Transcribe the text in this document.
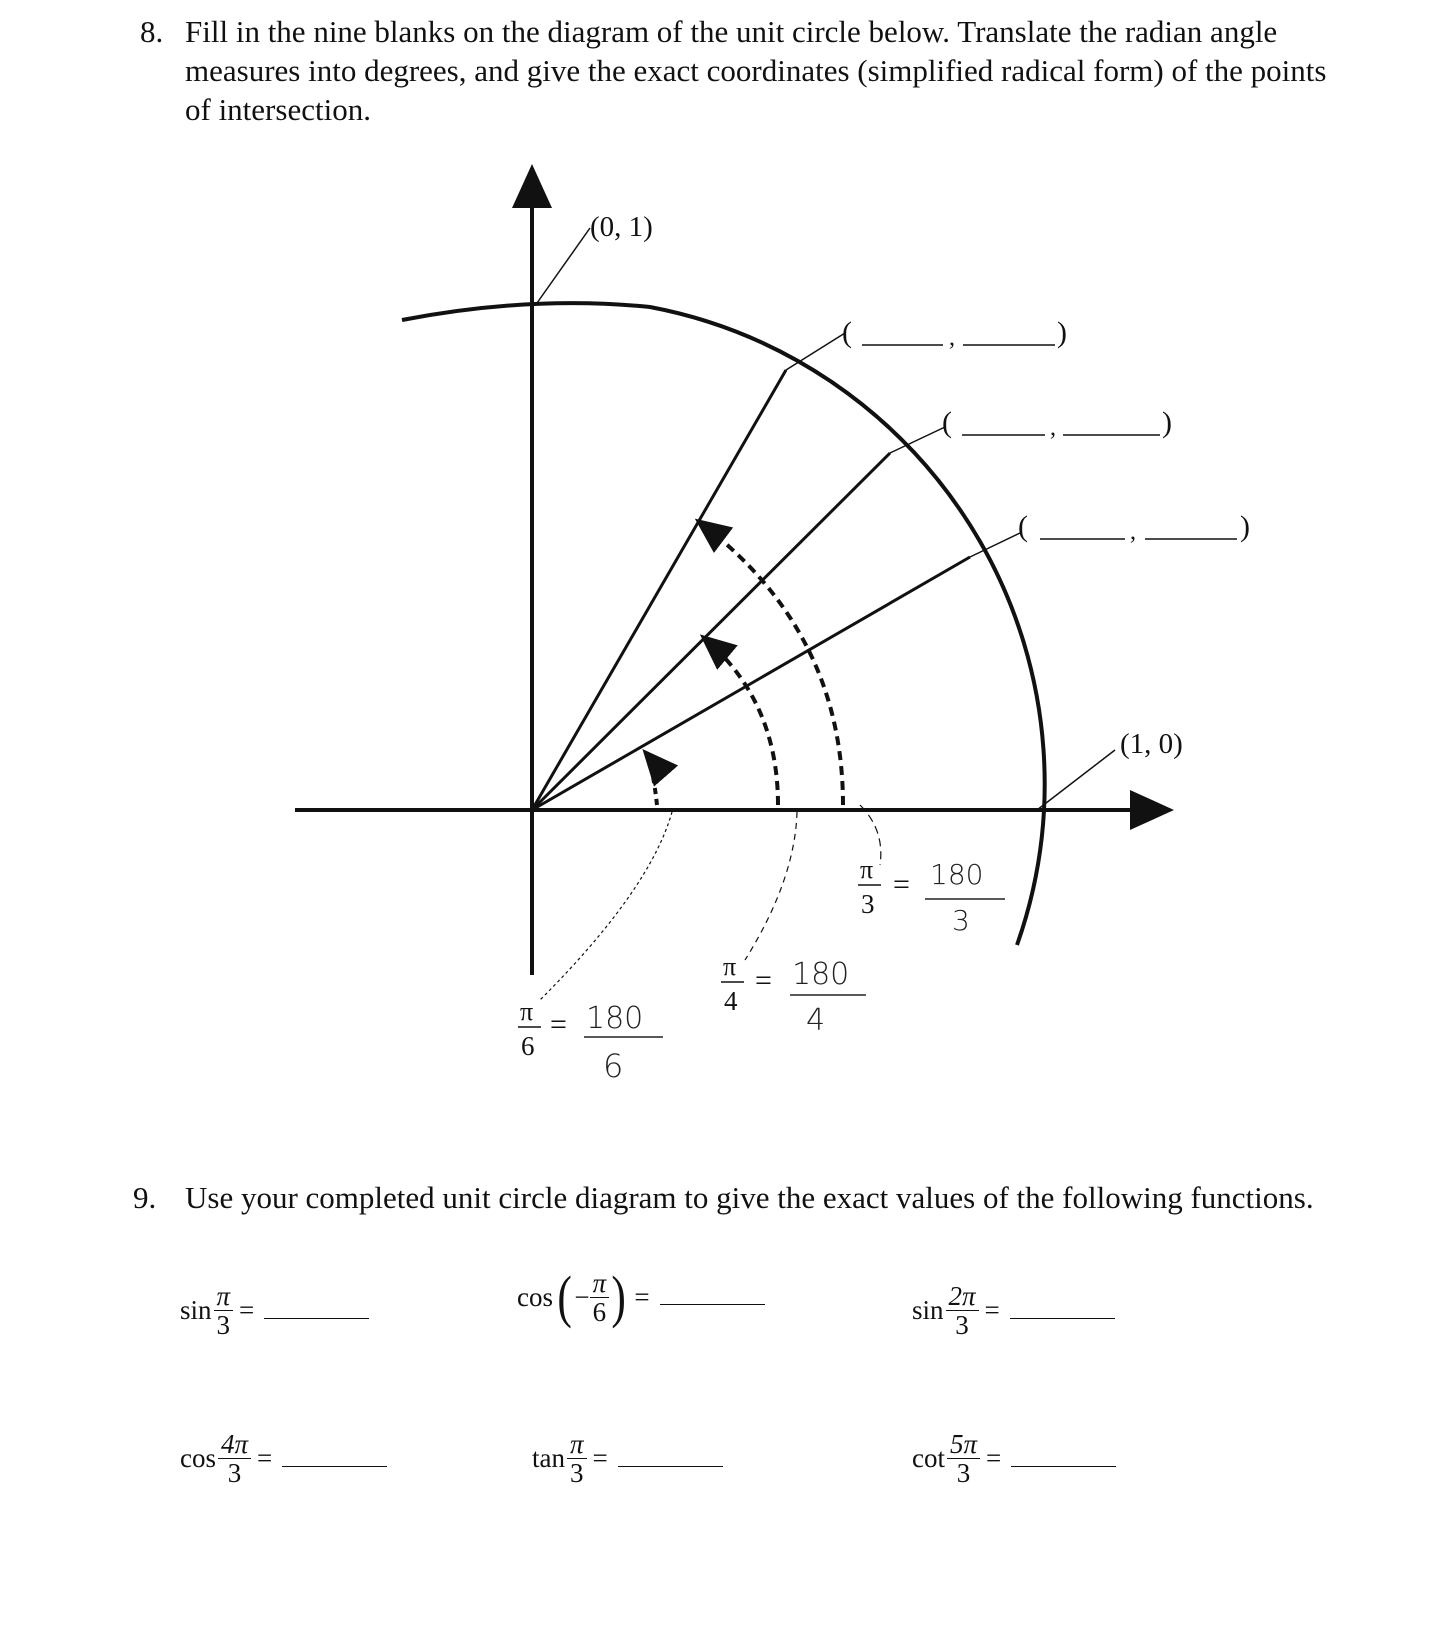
8. Fill in the nine blanks on the diagram of the unit circle below. Translate the radian angle
measures into degrees, and give the exact coordinates (simplified radical form) of the points
of intersection.
(0, 1)
(1, 0)
(	,	)
(	,	)
(	,	)
π
6
= 180
6
π
4
= 180
4
π
3
= 180
3
9. Use your completed unit circle diagram to give the exact values of the following functions.
$\sin \frac{\pi}{3}$ =	cos ( − $\frac{\pi}{6}$ ) =	$\sin \frac{2\pi}{3}$ =
$\cos \frac{4\pi}{3}$ =	$\tan \frac{\pi}{3}$ =	$\cot \frac{5\pi}{3}$ =
